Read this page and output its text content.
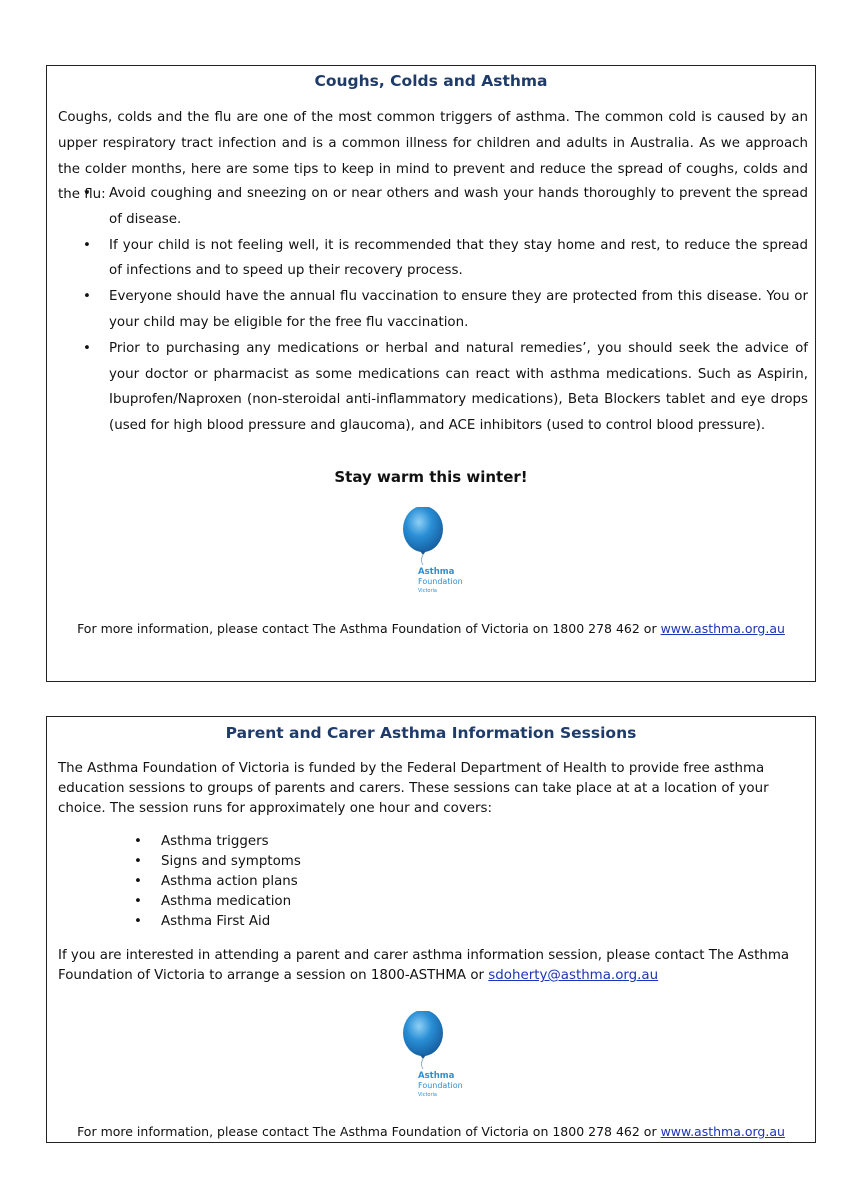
Coughs, Colds and Asthma

Coughs, colds and the flu are one of the most common triggers of asthma. The common cold is caused by an upper respiratory tract infection and is a common illness for children and adults in Australia. As we approach the colder months, here are some tips to keep in mind to prevent and reduce the spread of coughs, colds and the flu:

• Avoid coughing and sneezing on or near others and wash your hands thoroughly to prevent the spread of disease.
• If your child is not feeling well, it is recommended that they stay home and rest, to reduce the spread of infections and to speed up their recovery process.
• Everyone should have the annual flu vaccination to ensure they are protected from this disease. You or your child may be eligible for the free flu vaccination.
• Prior to purchasing any medications or herbal and natural remedies’, you should seek the advice of your doctor or pharmacist as some medications can react with asthma medications. Such as Aspirin, Ibuprofen/Naproxen (non-steroidal anti-inflammatory medications), Beta Blockers tablet and eye drops (used for high blood pressure and glaucoma), and ACE inhibitors (used to control blood pressure).
Stay warm this winter!
Asthma
Foundation
Victoria
For more information, please contact The Asthma Foundation of Victoria on 1800 278 462 or www.asthma.org.au
Parent and Carer Asthma Information Sessions

The Asthma Foundation of Victoria is funded by the Federal Department of Health to provide free asthma education sessions to groups of parents and carers. These sessions can take place at at a location of your choice. The session runs for approximately one hour and covers:

• Asthma triggers
• Signs and symptoms
• Asthma action plans
• Asthma medication
• Asthma First Aid

If you are interested in attending a parent and carer asthma information session, please contact The Asthma Foundation of Victoria to arrange a session on 1800-ASTHMA or sdoherty@asthma.org.au

Asthma
Foundation
Victoria
For more information, please contact The Asthma Foundation of Victoria on 1800 278 462 or www.asthma.org.au
